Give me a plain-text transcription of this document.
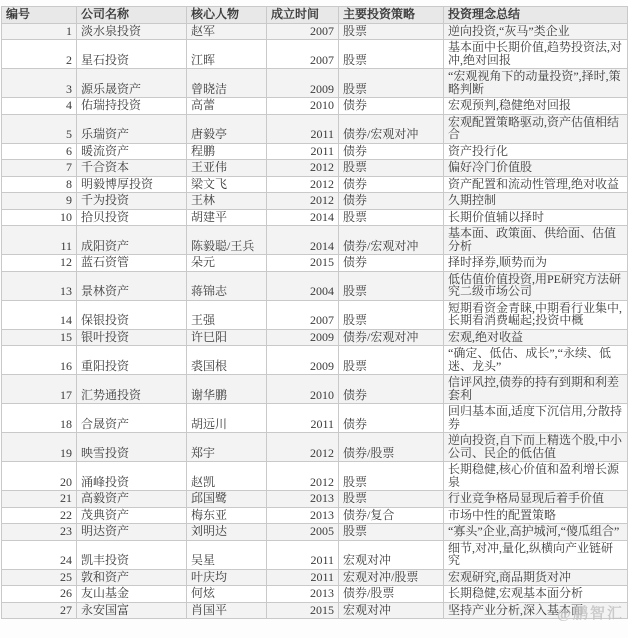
编号	公司名称	核心人物	成立时间	主要投资策略	投资理念总结
1	淡水泉投资	赵军	2007	股票	逆向投资,“灰马”类企业
2	星石投资	江晖	2007	股票	基本面中长期价值,趋势投资法,对冲,绝对回报
3	源乐晟资产	曾晓洁	2009	股票	“宏观视角下的动量投资”,择时,策略判断
4	佑瑞持投资	高蕾	2010	债券	宏观预判,稳健绝对回报
5	乐瑞资产	唐毅亭	2011	债券/宏观对冲	宏观配置策略驱动,资产估值相结合
6	暖流资产	程鹏	2011	债券	资产投行化
7	千合资本	王亚伟	2012	股票	偏好冷门价值股
8	明毅博厚投资	梁文飞	2012	债券	资产配置和流动性管理,绝对收益
9	千为投资	王林	2012	债券	久期控制
10	拾贝投资	胡建平	2014	股票	长期价值辅以择时
11	成阳资产	陈毅聪/王兵	2014	债券/宏观对冲	基本面、政策面、供给面、估值分析
12	蓝石资管	朵元	2015	债券	择时择券,顺势而为
13	景林资产	蒋锦志	2004	股票	低估值价值投资,用PE研究方法研究二级市场公司
14	保银投资	王强	2007	股票	短期看资金青睐,中期看行业集中,长期看消费崛起;投资中概
15	银叶投资	许巳阳	2009	债券/宏观对冲	宏观,绝对收益
16	重阳投资	裘国根	2009	股票	“确定、低估、成长”,“永续、低迷、龙头”
17	汇势通投资	谢华鹏	2010	债券	信评风控,债券的持有到期和利差套利
18	合晟资产	胡远川	2011	债券	回归基本面,适度下沉信用,分散持券
19	映雪投资	郑宇	2012	债券/股票	逆向投资,自下而上精选个股,中小公司、民企的低估值
20	涌峰投资	赵凯	2012	股票	长期稳健,核心价值和盈利增长源泉
21	高毅资产	邱国鹭	2013	股票	行业竞争格局显现后着手价值
22	茂典资产	梅东亚	2013	债券/复合	市场中性的配置策略
23	明达资产	刘明达	2005	股票	“寡头”企业,高护城河,“傻瓜组合”
24	凯丰投资	吴星	2011	宏观对冲	细节,对冲,量化,纵横向产业链研究
25	敦和资产	叶庆均	2011	宏观对冲/股票	宏观研究,商品期货对冲
26	友山基金	何炫	2013	债券/股票	长期稳健,宏观基本面分析
27	永安国富	肖国平	2015	宏观对冲	坚持产业分析,深入基本面
@鹏智汇
